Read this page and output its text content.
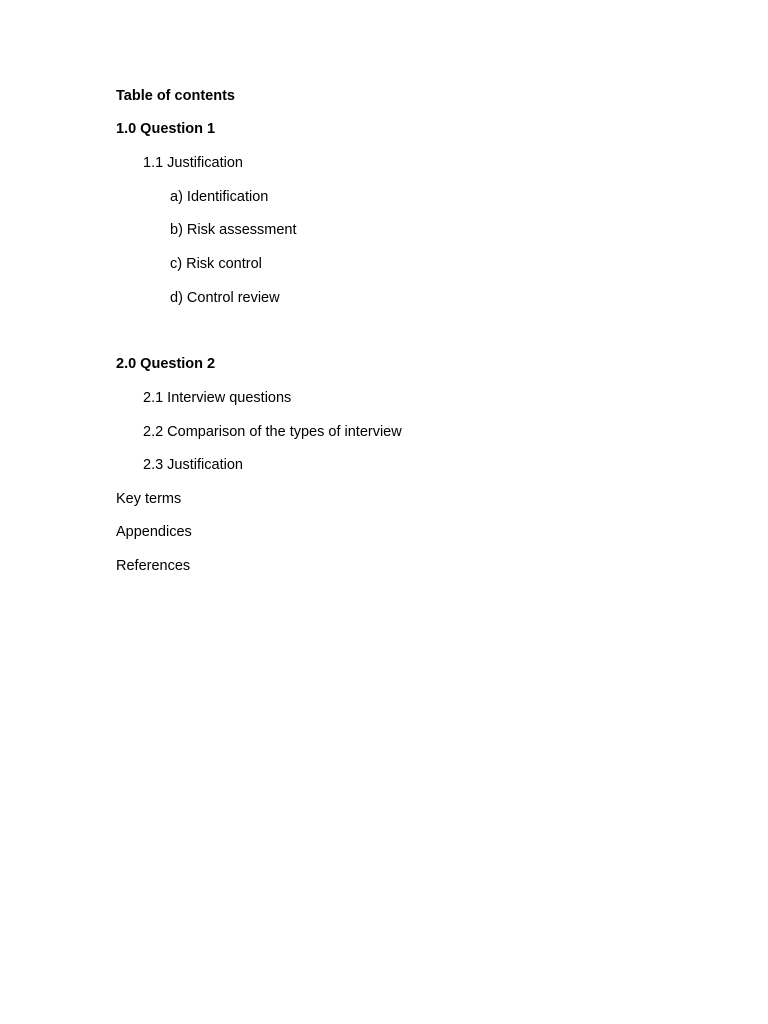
Table of contents
1.0 Question 1
1.1 Justification
a) Identification
b) Risk assessment
c) Risk control
d) Control review
2.0 Question 2
2.1 Interview questions
2.2 Comparison of the types of interview
2.3 Justification
Key terms
Appendices
References
